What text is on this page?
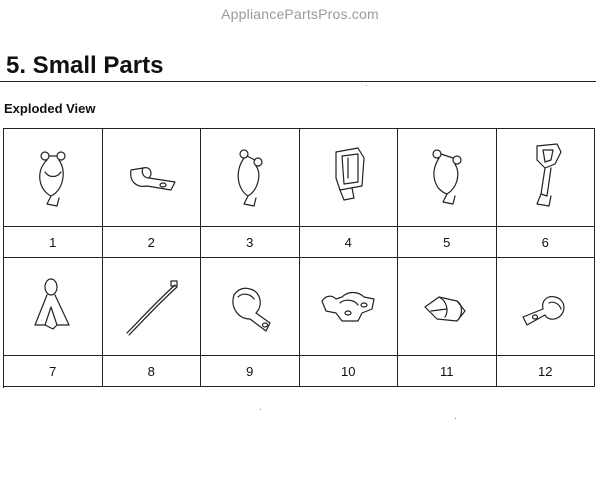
AppliancePartsPros.com
5. Small Parts
Exploded View
1	2	3	4	5	6
7	8	9	10	11	12
